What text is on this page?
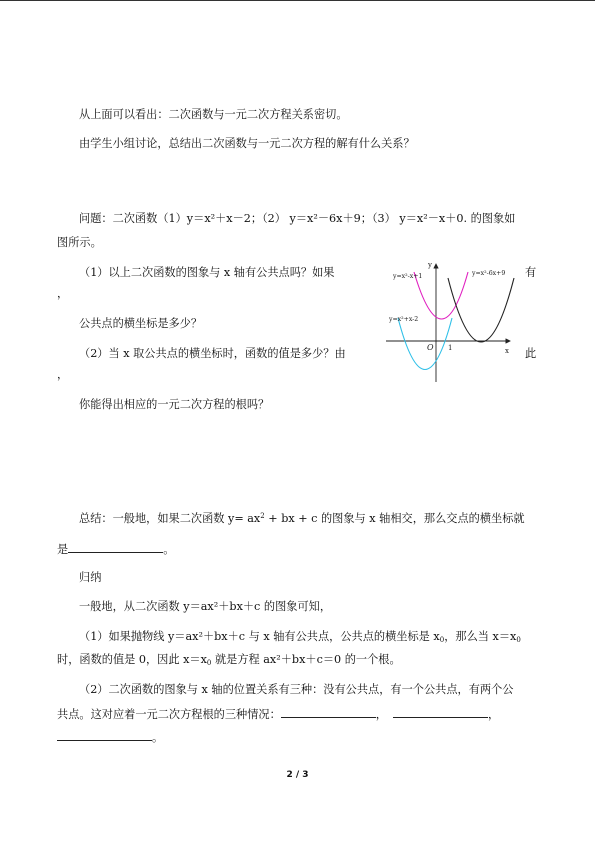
从上面可以看出：二次函数与一元二次方程关系密切。
由学生小组讨论，总结出二次函数与一元二次方程的解有什么关系？
问题：二次函数（1）y＝x²＋x－2；（2） y＝x²－6x＋9；（3） y＝x²－x＋0. 的图象如
图所示。
（1）以上二次函数的图象与 x 轴有公共点吗？如果	有
，
公共点的横坐标是多少？
（2）当 x 取公共点的横坐标时，函数的值是多少？由	此
，
你能得出相应的一元二次方程的根吗？
y=x²-x+1	y=x²-6x+9
y=x²+x-2
x
y
O 1
总结：一般地，如果二次函数 $y= ax^2$ + bx + c 的图象与 x 轴相交，那么交点的横坐标就
是	。
归纳
一般地，从二次函数 y＝ax²＋bx＋c 的图象可知，
（1）如果抛物线 y＝ax²＋bx＋c 与 x 轴有公共点，公共点的横坐标是 $x_0$，那么当 $x=x_0$
时，函数的值是 0，因此 $x=x_0$ 就是方程 ax²＋bx＋c＝0 的一个根。
（2）二次函数的图象与 x 轴的位置关系有三种：没有公共点，有一个公共点，有两个公
共点。这对应着一元二次方程根的三种情况：	，	，
。
2 / 3
